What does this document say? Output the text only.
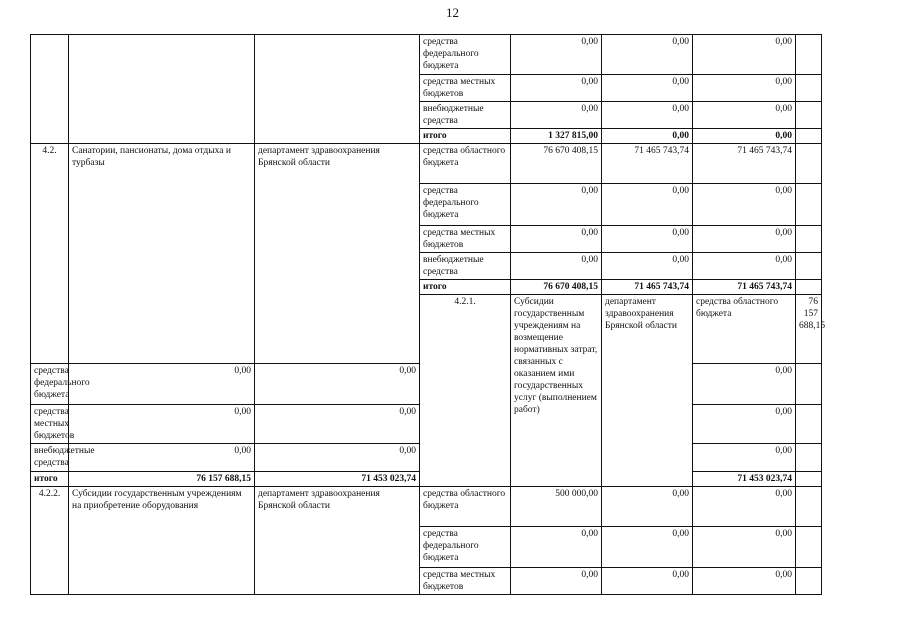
12
			средства федерального бюджета	0,00	0,00	0,00		
			средства местных бюджетов	0,00	0,00	0,00		
			внебюджетные средства	0,00	0,00	0,00		
			итого	1 327 815,00	0,00	0,00		
4.2.	Санатории, пансионаты, дома отдыха и турбазы	департамент здравоохранения Брянской области	средства областного бюджета	76 670 408,15	71 465 743,74	71 465 743,74		
			средства федерального бюджета	0,00	0,00	0,00		
			средства местных бюджетов	0,00	0,00	0,00		
			внебюджетные средства	0,00	0,00	0,00		
			итого	76 670 408,15	71 465 743,74	71 465 743,74		
			4.2.1.	Субсидии государственным учреждениям на возмещение нормативных затрат, связанных с оказанием ими государственных услуг (выполнением работ)	департамент здравоохранения Брянской области	средства областного бюджета	76 157 688,15				
средства федерального бюджета	0,00	0,00				0,00		
средства местных бюджетов	0,00	0,00				0,00		
внебюджетные средства	0,00	0,00				0,00		
итого	76 157 688,15	71 453 023,74				71 453 023,74		
4.2.2.	Субсидии государственным учреждениям на приобретение оборудования	департамент здравоохранения Брянской области	средства областного бюджета	500 000,00	0,00	0,00		
			средства федерального бюджета	0,00	0,00	0,00		
			средства местных бюджетов	0,00	0,00	0,00		
